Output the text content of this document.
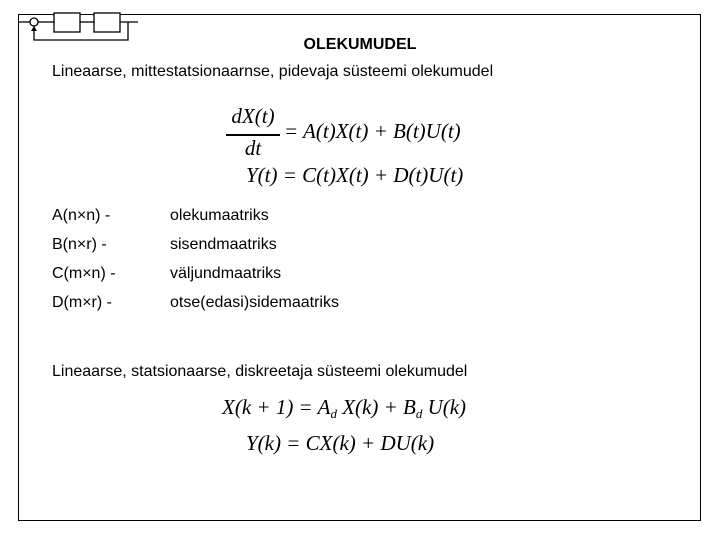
OLEKUMUDEL
Lineaarse, mittestatsionaarnse, pidevaja süsteemi olekumudel
dX(t)
dt
= A(t)X(t) + B(t)U(t)
Y(t) = C(t)X(t) + D(t)U(t)
A(n×n) -	olekumaatriks
B(n×r) -	sisendmaatriks
C(m×n) -	väljundmaatriks
D(m×r) -	otse(edasi)sidemaatriks
Lineaarse, statsionaarse, diskreetaja süsteemi olekumudel
$X(k + 1) = A_d$ $X(k) + B_d$ U(k)
Y(k) = CX(k) + DU(k)
